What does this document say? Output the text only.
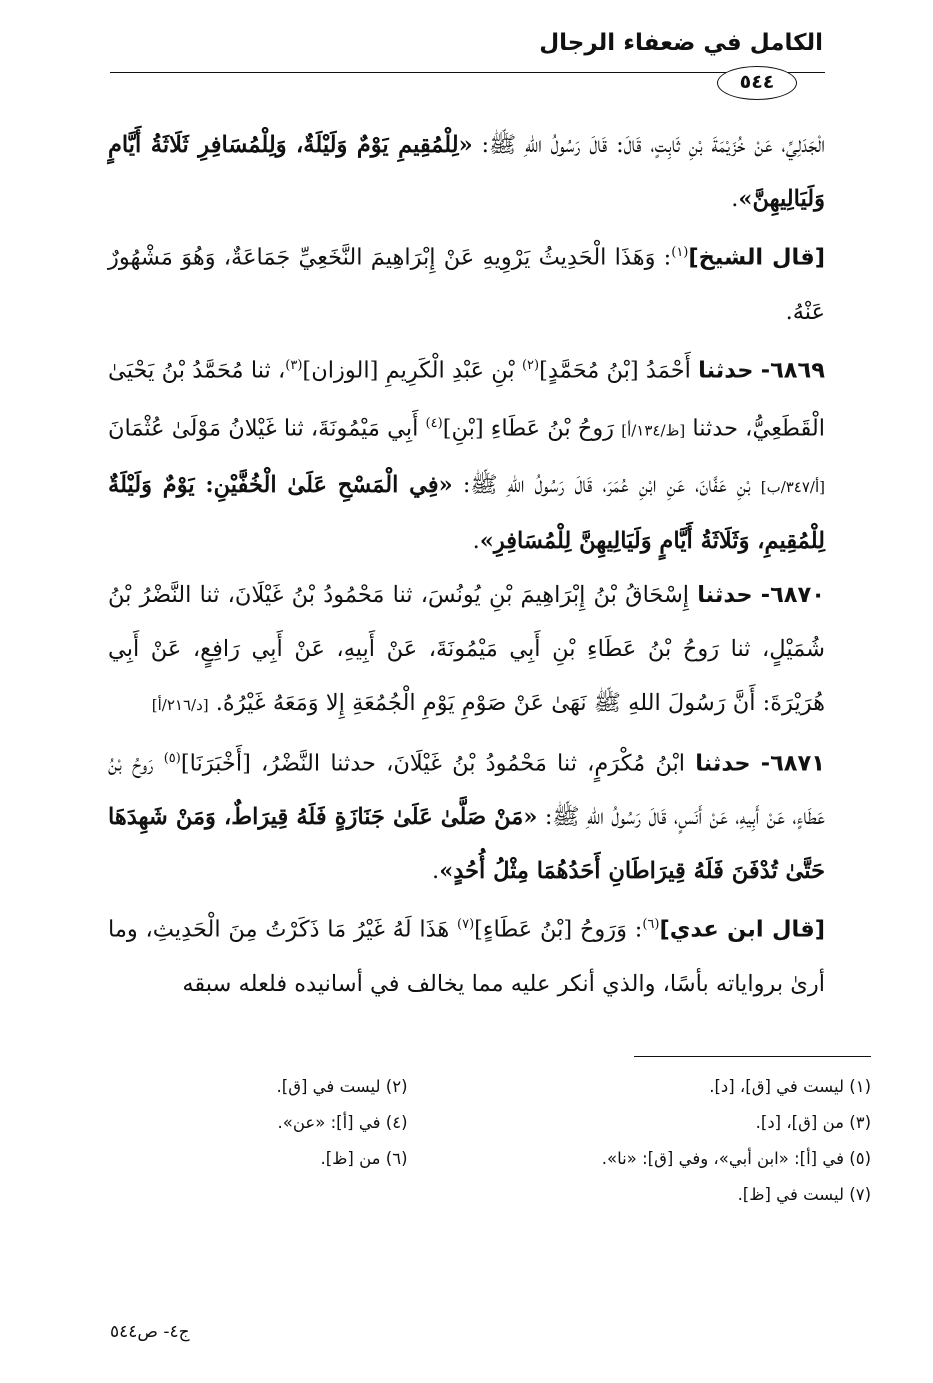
الكامل في ضعفاء الرجال
٥٤٤

الْجَدَلِيِّ، عَنْ خُزَيْمَةَ بْنِ ثَابِتٍ، قَالَ: قَالَ رَسُولُ اللهِ ﷺ: «لِلْمُقِيمِ يَوْمٌ وَلَيْلَةٌ، وَلِلْمُسَافِرِ ثَلَاثَةُ أَيَّامٍ وَلَيَالِيهِنَّ».

[قال الشيخ]$^{(١)}$: وَهَذَا الْحَدِيثُ يَرْوِيهِ عَنْ إِبْرَاهِيمَ النَّخَعِيِّ جَمَاعَةٌ، وَهُوَ مَشْهُورٌ عَنْهُ.

٦٨٦٩- حدثنا أَحْمَدُ [بْنُ مُحَمَّدٍ]$^{(٢)}$ بْنِ عَبْدِ الْكَرِيمِ [الوزان]$^{(٣)}$، ثنا مُحَمَّدُ بْنُ يَحْيَىٰ الْقَطَعِيُّ، حدثنا [ظ/١٣٤/أ] رَوحُ بْنُ عَطَاءِ [بْنِ]$^{(٤)}$ أَبِي مَيْمُونَةَ، ثنا غَيْلانُ مَوْلَىٰ عُثْمَانَ [أ/٣٤٧/ب] بْنِ عَفَّانَ، عَنِ ابْنِ عُمَرَ، قَالَ رَسُولُ اللهِ ﷺ: «فِي الْمَسْحِ عَلَىٰ الْخُفَّيْنِ: يَوْمٌ وَلَيْلَةٌ لِلْمُقِيمِ، وَثَلَاثَةُ أَيَّامٍ وَلَيَالِيهِنَّ لِلْمُسَافِرِ».

٦٨٧٠- حدثنا إِسْحَاقُ بْنُ إِبْرَاهِيمَ بْنِ يُونُسَ، ثنا مَحْمُودُ بْنُ غَيْلَانَ، ثنا النَّضْرُ بْنُ شُمَيْلٍ، ثنا رَوحُ بْنُ عَطَاءِ بْنِ أَبِي مَيْمُونَةَ، عَنْ أَبِيهِ، عَنْ أَبِي رَافِعٍ، عَنْ أَبِي هُرَيْرَةَ: أَنَّ رَسُولَ اللهِ ﷺ نَهَىٰ عَنْ صَوْمِ يَوْمِ الْجُمُعَةِ إِلا وَمَعَهُ غَيْرُهُ. [د/٢١٦/أ]

٦٨٧١- حدثنا ابْنُ مُكْرَمٍ، ثنا مَحْمُودُ بْنُ غَيْلَانَ، حدثنا النَّضْرُ، [أَخْبَرَنَا]$^{(٥)}$ رَوحُ بْنُ عَطَاءٍ، عَنْ أَبِيهِ، عَنْ أَنَسٍ، قَالَ رَسُولُ اللهِ ﷺ: «مَنْ صَلَّىٰ عَلَىٰ جَنَازَةٍ فَلَهُ قِيرَاطٌ، وَمَنْ شَهِدَهَا حَتَّىٰ تُدْفَنَ فَلَهُ قِيرَاطَانِ أَحَدُهُمَا مِثْلُ أُحُدٍ».

[قال ابن عدي]$^{(٦)}$: وَرَوحُ [بْنُ عَطَاءٍ]$^{(٧)}$ هَذَا لَهُ غَيْرُ مَا ذَكَرْتُ مِنَ الْحَدِيثِ، وما أرىٰ برواياته بأسًا، والذي أنكر عليه مما يخالف في أسانيده فلعله سبقه

(١) ليست في [ق]، [د].
(٢) ليست في [ق].
(٣) من [ق]، [د].
(٤) في [أ]: «عن».
(٥) في [أ]: «ابن أبي»، وفي [ق]: «نا».
(٦) من [ظ].
(٧) ليست في [ظ].
ج٤- ص٥٤٤
